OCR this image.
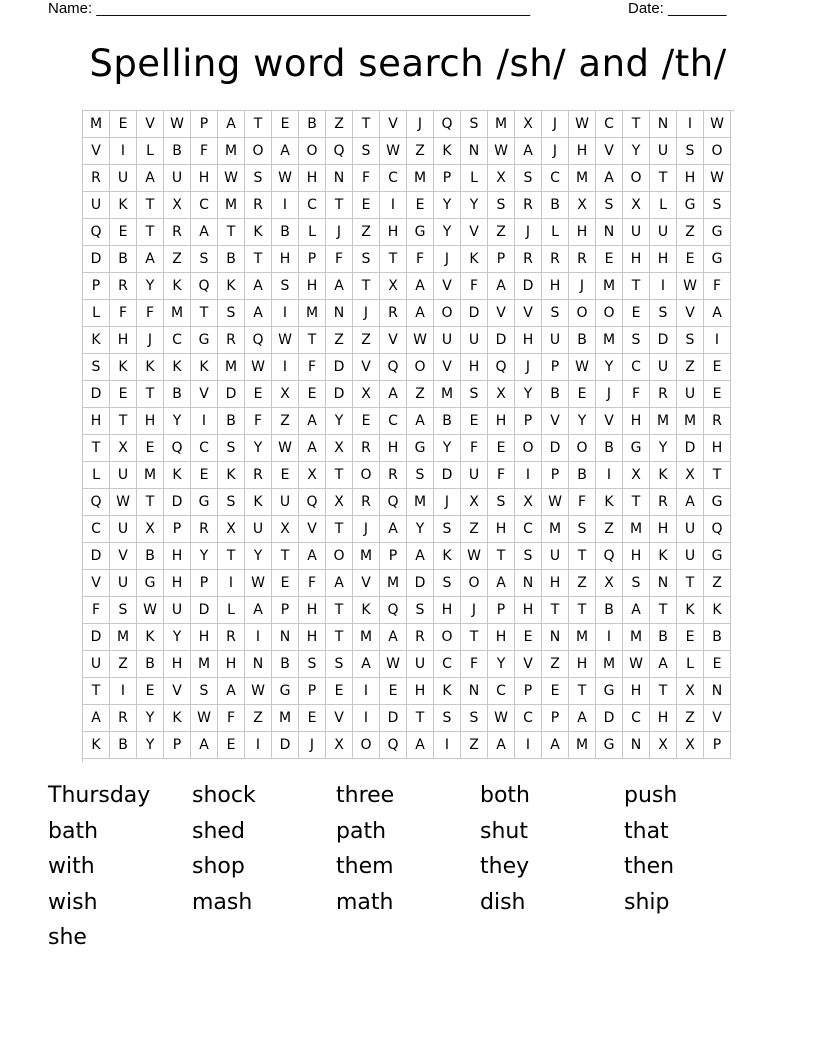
Name: ____________________________________________________	Date: _______
Spelling word search /sh/ and /th/
M	E	V	W	P	A	T	E	B	Z	T	V	J	Q	S	M	X	J	W	C	T	N	I	W
V	I	L	B	F	M	O	A	O	Q	S	W	Z	K	N	W	A	J	H	V	Y	U	S	O
R	U	A	U	H	W	S	W	H	N	F	C	M	P	L	X	S	C	M	A	O	T	H	W
U	K	T	X	C	M	R	I	C	T	E	I	E	Y	Y	S	R	B	X	S	X	L	G	S
Q	E	T	R	A	T	K	B	L	J	Z	H	G	Y	V	Z	J	L	H	N	U	U	Z	G
D	B	A	Z	S	B	T	H	P	F	S	T	F	J	K	P	R	R	R	E	H	H	E	G
P	R	Y	K	Q	K	A	S	H	A	T	X	A	V	F	A	D	H	J	M	T	I	W	F
L	F	F	M	T	S	A	I	M	N	J	R	A	O	D	V	V	S	O	O	E	S	V	A
K	H	J	C	G	R	Q	W	T	Z	Z	V	W	U	U	D	H	U	B	M	S	D	S	I
S	K	K	K	K	M	W	I	F	D	V	Q	O	V	H	Q	J	P	W	Y	C	U	Z	E
D	E	T	B	V	D	E	X	E	D	X	A	Z	M	S	X	Y	B	E	J	F	R	U	E
H	T	H	Y	I	B	F	Z	A	Y	E	C	A	B	E	H	P	V	Y	V	H	M	M	R
T	X	E	Q	C	S	Y	W	A	X	R	H	G	Y	F	E	O	D	O	B	G	Y	D	H
L	U	M	K	E	K	R	E	X	T	O	R	S	D	U	F	I	P	B	I	X	K	X	T
Q	W	T	D	G	S	K	U	Q	X	R	Q	M	J	X	S	X	W	F	K	T	R	A	G
C	U	X	P	R	X	U	X	V	T	J	A	Y	S	Z	H	C	M	S	Z	M	H	U	Q
D	V	B	H	Y	T	Y	T	A	O	M	P	A	K	W	T	S	U	T	Q	H	K	U	G
V	U	G	H	P	I	W	E	F	A	V	M	D	S	O	A	N	H	Z	X	S	N	T	Z
F	S	W	U	D	L	A	P	H	T	K	Q	S	H	J	P	H	T	T	B	A	T	K	K
D	M	K	Y	H	R	I	N	H	T	M	A	R	O	T	H	E	N	M	I	M	B	E	B
U	Z	B	H	M	H	N	B	S	S	A	W	U	C	F	Y	V	Z	H	M	W	A	L	E
T	I	E	V	S	A	W	G	P	E	I	E	H	K	N	C	P	E	T	G	H	T	X	N
A	R	Y	K	W	F	Z	M	E	V	I	D	T	S	S	W	C	P	A	D	C	H	Z	V
K	B	Y	P	A	E	I	D	J	X	O	Q	A	I	Z	A	I	A	M	G	N	X	X	P
Thursday	shock	three	both	push
bath	shed	path	shut	that
with	shop	them	they	then
wish	mash	math	dish	ship
she
